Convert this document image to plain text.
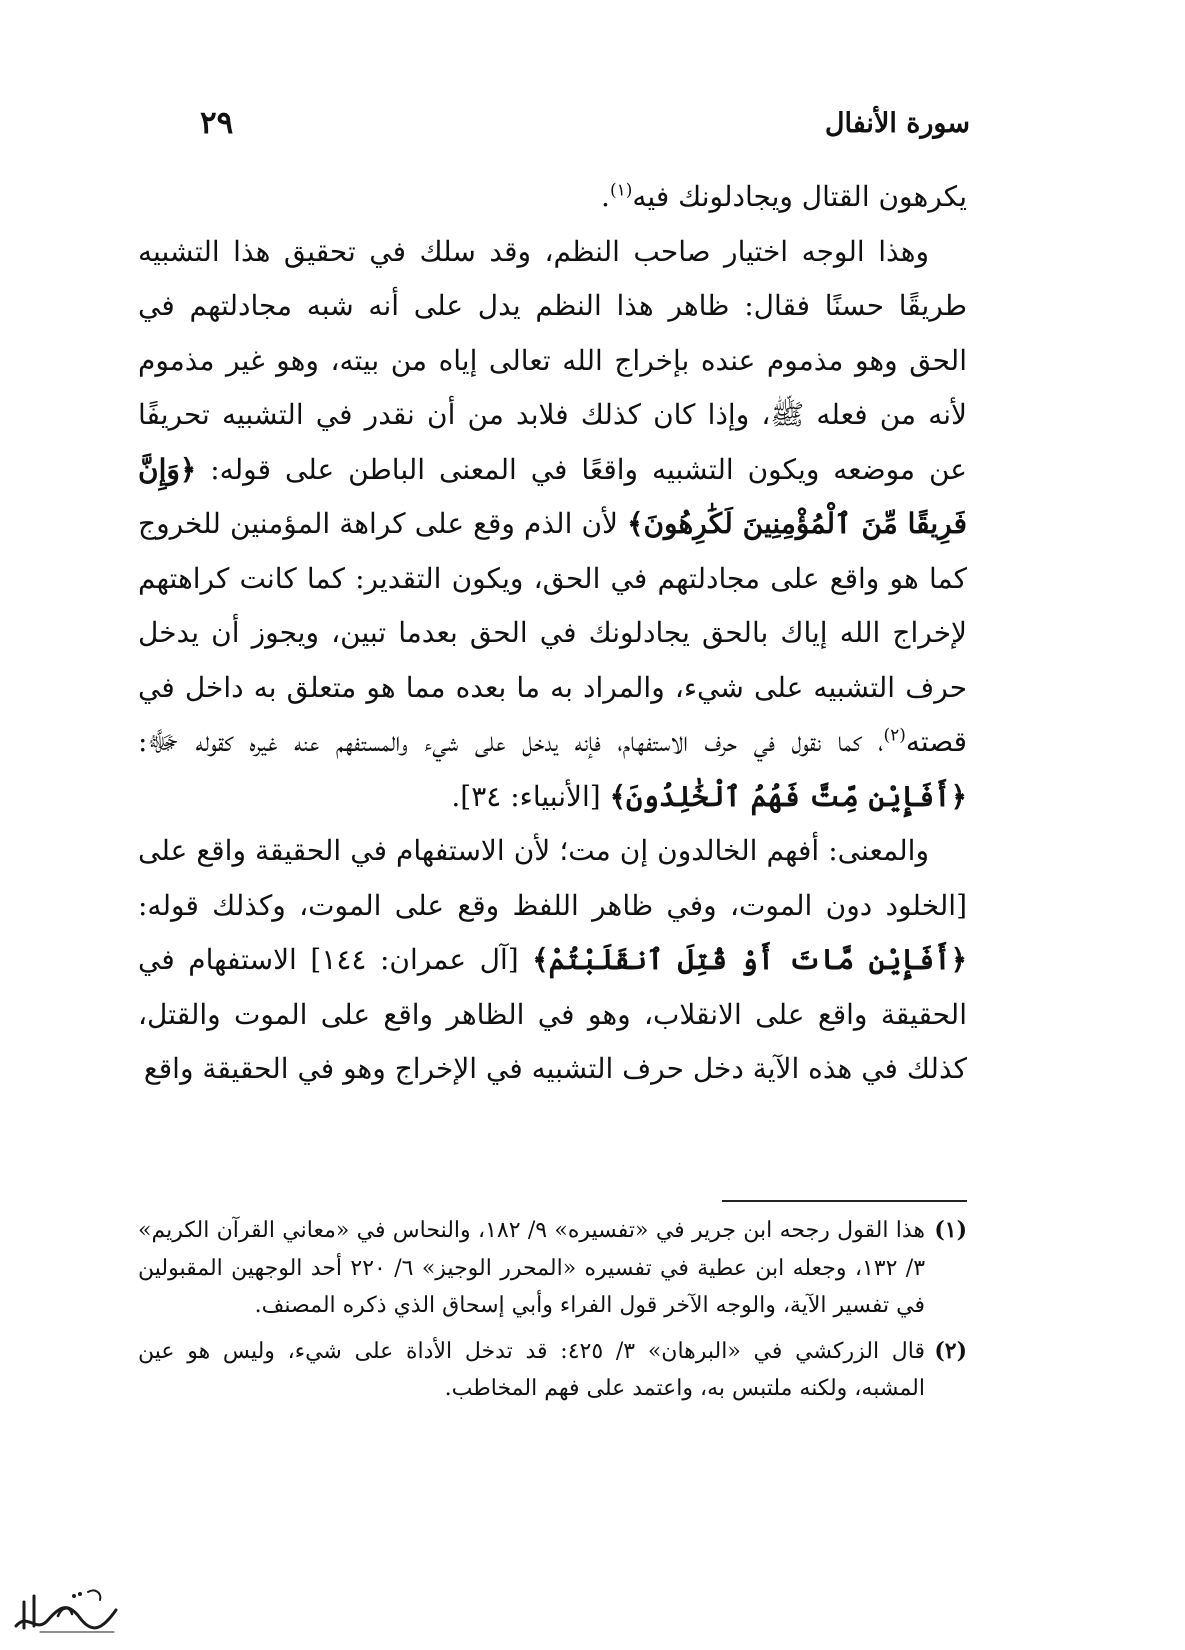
سورة الأنفال
٢٩

يكرهون القتال ويجادلونك فيه$^{(١)}$.

وهذا الوجه اختيار صاحب النظم، وقد سلك في تحقيق هذا التشبيه طريقًا حسنًا فقال: ظاهر هذا النظم يدل على أنه شبه مجادلتهم في الحق وهو مذموم عنده بإخراج الله تعالى إياه من بيته، وهو غير مذموم لأنه من فعله ﷺ، وإذا كان كذلك فلابد من أن نقدر في التشبيه تحريفًا عن موضعه ويكون التشبيه واقعًا في المعنى الباطن على قوله: ﴿وَإِنَّ فَرِيقًا مِّنَ ٱلْمُؤْمِنِينَ لَكَٰرِهُونَ﴾ لأن الذم وقع على كراهة المؤمنين للخروج كما هو واقع على مجادلتهم في الحق، ويكون التقدير: كما كانت كراهتهم لإخراج الله إياك بالحق يجادلونك في الحق بعدما تبين، ويجوز أن يدخل حرف التشبيه على شيء، والمراد به ما بعده مما هو متعلق به داخل في قصته$^{(٢)}$، كما نقول في حرف الاستفهام، فإنه يدخل على شيء والمستفهم عنه غيره كقوله ﷻ: ﴿أَفَإِيْن مِّتَّ فَهُمُ ٱلْخَٰلِدُونَ﴾ [الأنبياء: ٣٤].

والمعنى: أفهم الخالدون إن مت؛ لأن الاستفهام في الحقيقة واقع على [الخلود دون الموت، وفي ظاهر اللفظ وقع على الموت، وكذلك قوله: ﴿أَفَإِيْن مَّاتَ أَوْ قُتِلَ ٱنقَلَبْتُمْ﴾ [آل عمران: ١٤٤] الاستفهام في الحقيقة واقع على الانقلاب، وهو في الظاهر واقع على الموت والقتل، كذلك في هذه الآية دخل حرف التشبيه في الإخراج وهو في الحقيقة واقع

(١)
هذا القول رجحه ابن جرير في «تفسيره» ٩/ ١٨٢، والنحاس في «معاني القرآن الكريم» ٣/ ١٣٢، وجعله ابن عطية في تفسيره «المحرر الوجيز» ٦/ ٢٢٠ أحد الوجهين المقبولين في تفسير الآية، والوجه الآخر قول الفراء وأبي إسحاق الذي ذكره المصنف.
(٢)
قال الزركشي في «البرهان» ٣/ ٤٢٥: قد تدخل الأداة على شيء، وليس هو عين المشبه، ولكنه ملتبس به، واعتمد على فهم المخاطب.
